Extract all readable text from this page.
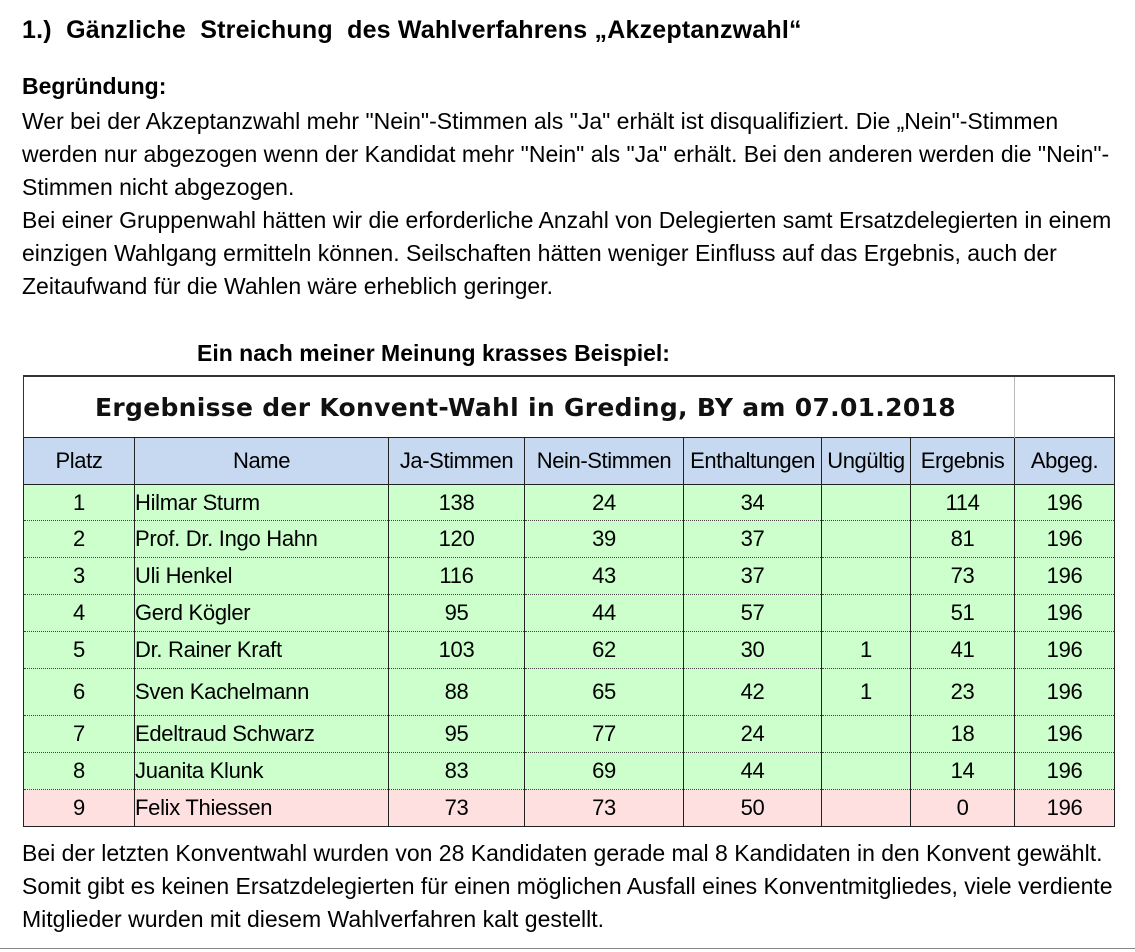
1.)  Gänzliche  Streichung  des Wahlverfahrens „Akzeptanzwahl“
Begründung:

Wer bei der Akzeptanzwahl mehr "Nein"-Stimmen als "Ja" erhält ist disqualifiziert. Die „Nein"-Stimmen werden nur abgezogen wenn der Kandidat mehr "Nein" als "Ja" erhält. Bei den anderen werden die "Nein"-Stimmen nicht abgezogen.

Bei einer Gruppenwahl hätten wir die erforderliche Anzahl von Delegierten samt Ersatzdelegierten in einem einzigen Wahlgang ermitteln können. Seilschaften hätten weniger Einfluss auf das Ergebnis, auch der Zeitaufwand für die Wahlen wäre erheblich geringer.

Ein nach meiner Meinung krasses Beispiel:
Ergebnisse der Konvent-Wahl in Greding, BY am 07.01.2018							
Platz	Name	Ja-Stimmen	Nein-Stimmen	Enthaltungen	Ungültig	Ergebnis	Abgeg.
1	Hilmar Sturm	138	24	34		114	196
2	Prof. Dr. Ingo Hahn	120	39	37		81	196
3	Uli Henkel	116	43	37		73	196
4	Gerd Kögler	95	44	57		51	196
5	Dr. Rainer Kraft	103	62	30	1	41	196
6	Sven Kachelmann	88	65	42	1	23	196
7	Edeltraud Schwarz	95	77	24		18	196
8	Juanita Klunk	83	69	44		14	196
9	Felix Thiessen	73	73	50		0	196

Bei der letzten Konventwahl wurden von 28 Kandidaten gerade mal 8 Kandidaten in den Konvent gewählt. Somit gibt es keinen Ersatzdelegierten für einen möglichen Ausfall eines Konventmitgliedes, viele verdiente Mitglieder wurden mit diesem Wahlverfahren kalt gestellt.
